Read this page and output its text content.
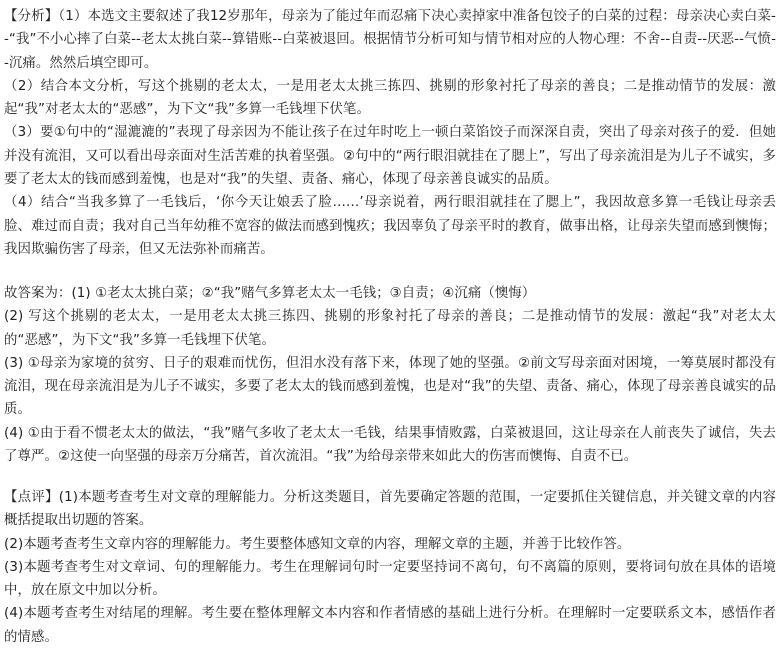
【分析】（1）本选文主要叙述了我12岁那年，母亲为了能过年而忍痛下决心卖掉家中准备包饺子的白菜的过程：母亲决心卖白菜--“我”不小心摔了白菜--老太太挑白菜--算错账--白菜被退回。根据情节分析可知与情节相对应的人物心理：不舍--自责--厌恶--气愤--沉痛。然然后填空即可。

（2）结合本文分析，写这个挑剔的老太太，一是用老太太挑三拣四、挑剔的形象衬托了母亲的善良；二是推动情节的发展：激起“我”对老太太的“恶感”，为下文“我”多算一毛钱埋下伏笔。

（3）要①句中的“湿漉漉的”表现了母亲因为不能让孩子在过年时吃上一顿白菜馅饺子而深深自责，突出了母亲对孩子的爱．但她并没有流泪，又可以看出母亲面对生活苦难的执着坚强。②句中的“两行眼泪就挂在了腮上”，写出了母亲流泪是为儿子不诚实，多要了老太太的钱而感到羞愧，也是对“我”的失望、责备、痛心，体现了母亲善良诚实的品质。

（4）结合“当我多算了一毛钱后，‘你今天让娘丢了脸……’母亲说着，两行眼泪就挂在了腮上”，我因故意多算一毛钱让母亲丢脸、难过而自责；我对自己当年幼稚不宽容的做法而感到愧疚；我因辜负了母亲平时的教育，做事出格，让母亲失望而感到懊悔；我因欺骗伤害了母亲，但又无法弥补而痛苦。

故答案为：(1) ①老太太挑白菜；②“我”赌气多算老太太一毛钱；③自责；④沉痛（懊悔）

(2) 写这个挑剔的老太太，一是用老太太挑三拣四、挑剔的形象衬托了母亲的善良；二是推动情节的发展：激起“我”对老太太的“恶感”，为下文“我”多算一毛钱埋下伏笔。

(3) ①母亲为家境的贫穷、日子的艰难而忧伤，但泪水没有落下来，体现了她的坚强。②前文写母亲面对困境，一筹莫展时都没有流泪，现在母亲流泪是为儿子不诚实，多要了老太太的钱而感到羞愧，也是对“我”的失望、责备、痛心，体现了母亲善良诚实的品质。

(4) ①由于看不惯老太太的做法，“我”赌气多收了老太太一毛钱，结果事情败露，白菜被退回，这让母亲在人前丧失了诚信，失去了尊严。②这使一向坚强的母亲万分痛苦，首次流泪。“我”为给母亲带来如此大的伤害而懊悔、自责不已。

【点评】(1)本题考查考生对文章的理解能力。分析这类题目，首先要确定答题的范围，一定要抓住关键信息，并关键文章的内容概括提取出切题的答案。

(2)本题考查考生文章内容的理解能力。考生要整体感知文章的内容，理解文章的主题，并善于比较作答。

(3)本题考查考生对文章词、句的理解能力。考生在理解词句时一定要坚持词不离句，句不离篇的原则，要将词句放在具体的语境中，放在原文中加以分析。

(4)本题考查考生对结尾的理解。考生要在整体理解文本内容和作者情感的基础上进行分析。在理解时一定要联系文本，感悟作者的情感。
